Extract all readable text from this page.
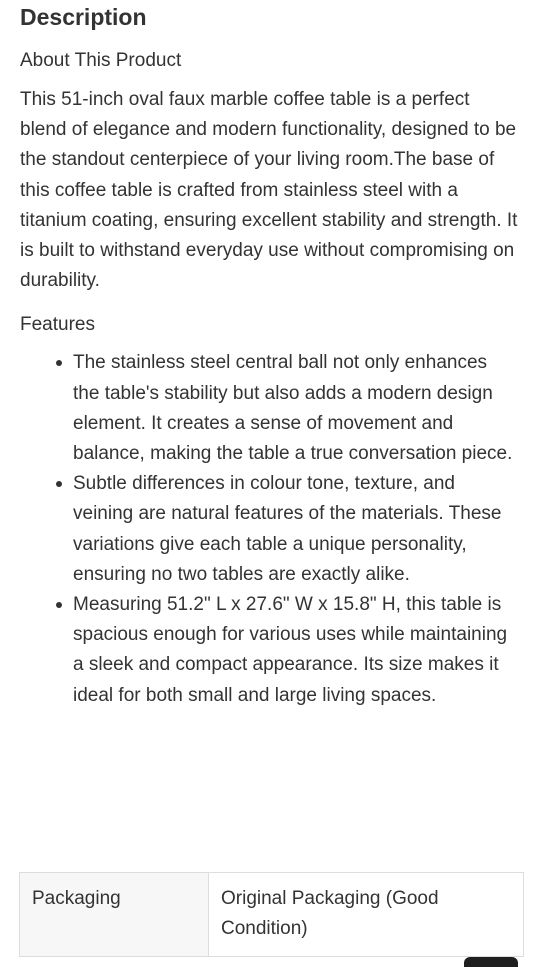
Description
About This Product

This 51-inch oval faux marble coffee table is a perfect blend of elegance and modern functionality, designed to be the standout centerpiece of your living room.The base of this coffee table is crafted from stainless steel with a titanium coating, ensuring excellent stability and strength. It is built to withstand everyday use without compromising on durability.

Features
The stainless steel central ball not only enhances the table's stability but also adds a modern design element. It creates a sense of movement and balance, making the table a true conversation piece.
Subtle differences in colour tone, texture, and veining are natural features of the materials. These variations give each table a unique personality, ensuring no two tables are exactly alike.
Measuring 51.2" L x 27.6" W x 15.8" H, this table is spacious enough for various uses while maintaining a sleek and compact appearance. Its size makes it ideal for both small and large living spaces.
Packaging	Original Packaging (Good Condition)
